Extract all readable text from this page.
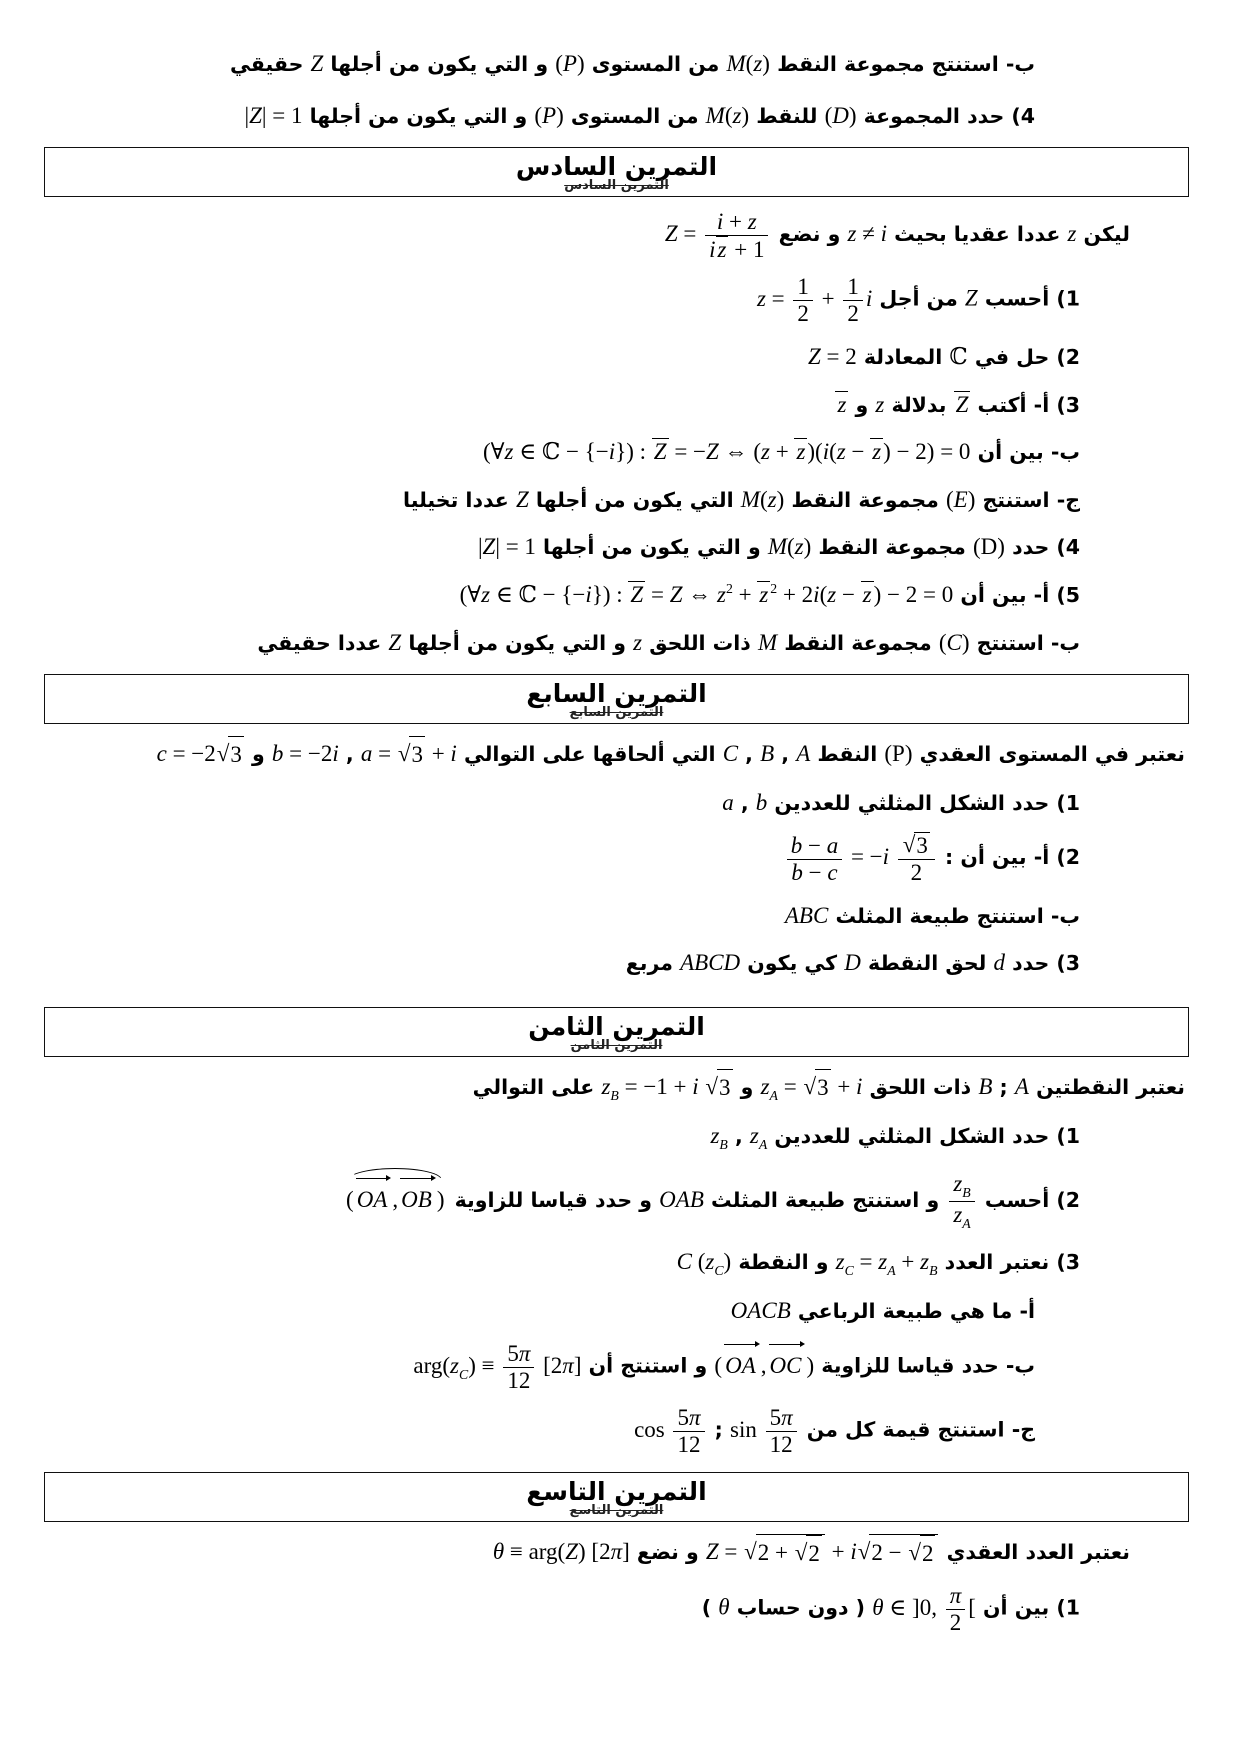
ب- استنتج مجموعة النقط M(z) من المستوى (P) و التي يكون من أجلها Z حقيقي
4) حدد المجموعة (D) للنقط M(z) من المستوى (P) و التي يكون من أجلها |Z| = 1
التمرين السادس
التمرين السادس
ليكن z عددا عقديا بحيث z ≠ i و نضع $Z = \frac{i + z}{iz + 1}$
1) أحسب Z من أجل $z = \frac{1}{2} + \frac{1}{2}$ i
2) حل في ℂ المعادلة Z = 2
3) أ- أكتب Z بدلالة z و z
ب- بين أن (∀z ∈ ℂ − {−i}) : Z = −Z ⇔ (z + z)(i(z − z) − 2) = 0
ج- استنتج (E) مجموعة النقط M(z) التي يكون من أجلها Z عددا تخيليا
4) حدد (D) مجموعة النقط M(z) و التي يكون من أجلها |Z| = 1
5) أ- بين أن (∀z ∈ ℂ − {−i}) : Z = Z ⇔ $z^2 + z$ $^2$ + 2i(z − z) − 2 = 0
ب- استنتج (C) مجموعة النقط M ذات اللحق z و التي يكون من أجلها Z عددا حقيقي
التمرين السابع
التمرين السابع
نعتبر في المستوى العقدي (P) النقط A , B , C التي ألحاقها على التوالي a = √ 3 + i , b = −2i و c = −2 √ 3
1) حدد الشكل المثلثي للعددين b , a
2) أ- بين أن :
$\frac{b - a}{b - c} = -i \frac{√ 3}{2}$
ب- استنتج طبيعة المثلث ABC
3) حدد d لحق النقطة D كي يكون ABCD مربع
التمرين الثامن
التمرين الثامن
نعتبر النقطتين A ; B ذات اللحق $z_A$ = √ 3 + i و $z_B = -1 + i$ √ 3
على التوالي
1) حدد الشكل المثلثي للعددين $z_A$ , $z_B$
2) أحسب
$\frac{z_B}{z_A}$
و استنتج طبيعة المثلث OAB و حدد قياسا للزاوية ( OA , OB )
3) نعتبر العدد $z_C = z_A + z_B$ و النقطة C $(z_C)$
أ- ما هي طبيعة الرباعي OACB
ب- حدد قياسا للزاوية ( OA , OC ) و استنتج أن $arg(z_C) \equiv \frac{5\pi}{12} [2\pi]$
ج- استنتج قيمة كل من $\sin \frac{5\pi}{12}$
; $\cos \frac{5\pi}{12}$
التمرين التاسع
التمرين التاسع
نعتبر العدد العقدي Z = √ 2 + √ 2 + i √ 2 − √ 2
و نضع θ ≡ arg(Z) [2π]
1) بين أن θ ∈ ]0, $\frac{\pi}{2}$ [ ( دون حساب θ )
